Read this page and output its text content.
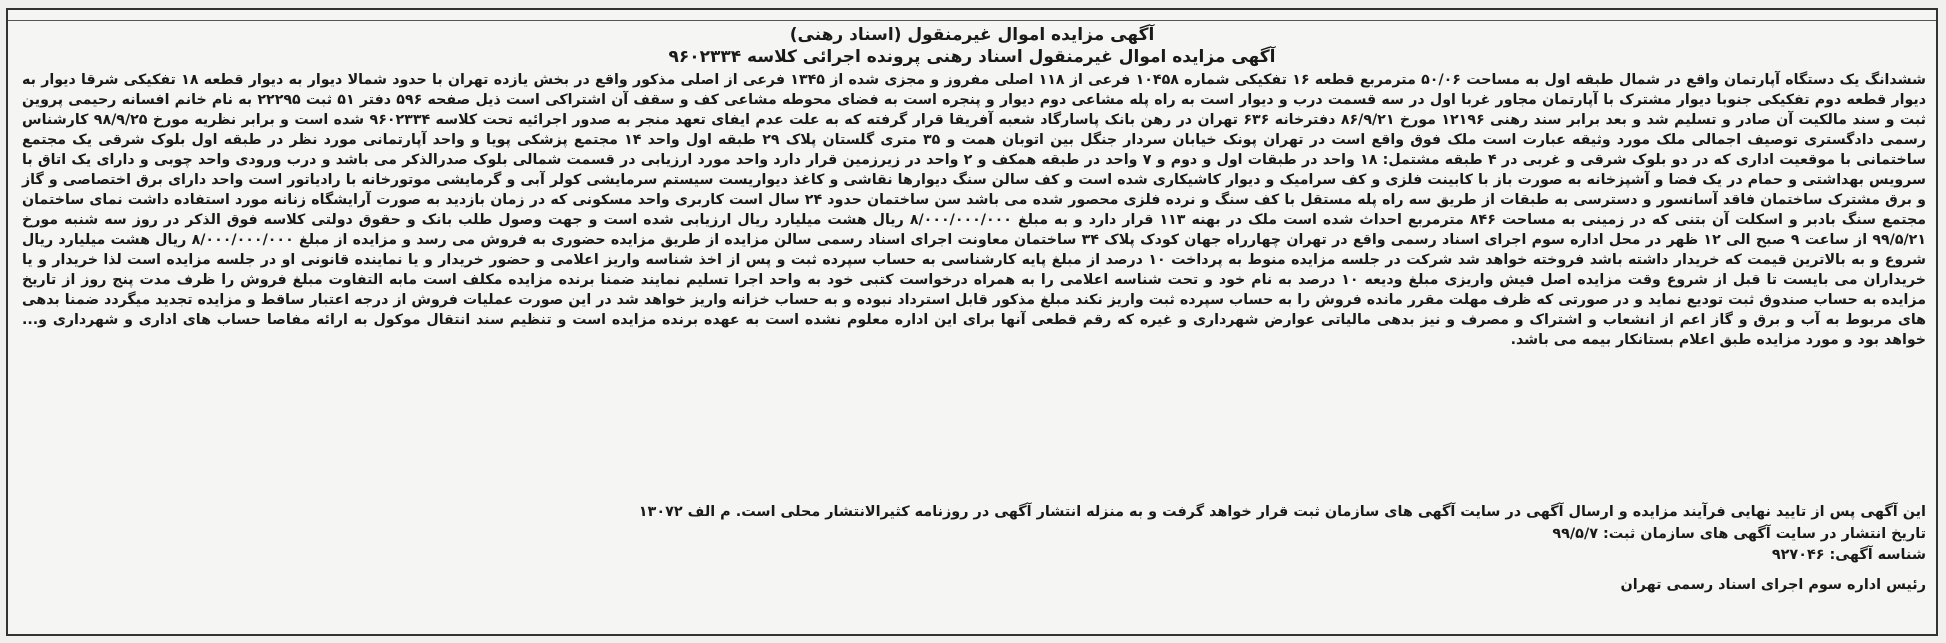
آگهی مزایده اموال غیرمنقول (اسناد رهنی)

آگهی مزایده اموال غیرمنقول اسناد رهنی پرونده اجرائی کلاسه ۹۶۰۲۳۳۴

ششدانگ یک دستگاه آپارتمان واقع در شمال طبقه اول به مساحت ۵۰/۰۶ مترمربع قطعه ۱۶ تفکیکی شماره ۱۰۴۵۸ فرعی از ۱۱۸ اصلی مفروز و مجزی شده از ۱۳۴۵ فرعی از اصلی مذکور واقع در بخش یازده تهران با حدود شمالا دیوار به دیوار قطعه ۱۸ تفکیکی شرقا دیوار به دیوار قطعه دوم تفکیکی جنوبا دیوار مشترک با آپارتمان مجاور غربا اول در سه قسمت درب و دیوار است به راه پله مشاعی دوم دیوار و پنجره است به فضای محوطه مشاعی کف و سقف آن اشتراکی است ذیل صفحه ۵۹۶ دفتر ۵۱ ثبت ۲۲۲۹۵ به نام خانم افسانه رحیمی پروین ثبت و سند مالکیت آن صادر و تسلیم شد و بعد برابر سند رهنی ۱۲۱۹۶ مورخ ۸۶/۹/۲۱ دفترخانه ۶۳۶ تهران در رهن بانک پاسارگاد شعبه آفریقا قرار گرفته که به علت عدم ایفای تعهد منجر به صدور اجرائیه تحت کلاسه ۹۶۰۲۳۳۴ شده است و برابر نظریه مورخ ۹۸/۹/۲۵ کارشناس رسمی دادگستری توصیف اجمالی ملک مورد وثیقه عبارت است ملک فوق واقع است در تهران پونک خیابان سردار جنگل بین اتوبان همت و ۳۵ متری گلستان پلاک ۲۹ طبقه اول واحد ۱۴ مجتمع پزشکی پویا و واحد آپارتمانی مورد نظر در طبقه اول بلوک شرقی یک مجتمع ساختمانی با موقعیت اداری که در دو بلوک شرقی و غربی در ۴ طبقه مشتمل: ۱۸ واحد در طبقات اول و دوم و ۷ واحد در طبقه همکف و ۲ واحد در زیرزمین قرار دارد واحد مورد ارزیابی در قسمت شمالی بلوک صدرالذکر می باشد و درب ورودی واحد چوبی و دارای یک اتاق با سرویس بهداشتی و حمام در یک فضا و آشپزخانه به صورت باز با کابینت فلزی و کف سرامیک و دیوار کاشیکاری شده است و کف سالن سنگ دیوارها نقاشی و کاغذ دیواریست سیستم سرمایشی کولر آبی و گرمایشی موتورخانه با رادیاتور است واحد دارای برق اختصاصی و گاز و برق مشترک ساختمان فاقد آسانسور و دسترسی به طبقات از طریق سه راه پله مستقل با کف سنگ و نرده فلزی محصور شده می باشد سن ساختمان حدود ۲۴ سال است کاربری واحد مسکونی که در زمان بازدید به صورت آرایشگاه زنانه مورد استفاده داشت نمای ساختمان مجتمع سنگ بادبر و اسکلت آن بتنی که در زمینی به مساحت ۸۴۶ مترمربع احداث شده است ملک در بهنه ۱۱۳ قرار دارد و به مبلغ ۸/۰۰۰/۰۰۰/۰۰۰ ریال هشت میلیارد ریال ارزیابی شده است و جهت وصول طلب بانک و حقوق دولتی کلاسه فوق الذکر در روز سه شنبه مورخ ۹۹/۵/۲۱ از ساعت ۹ صبح الی ۱۲ ظهر در محل اداره سوم اجرای اسناد رسمی واقع در تهران چهارراه جهان کودک پلاک ۳۴ ساختمان معاونت اجرای اسناد رسمی سالن مزایده از طریق مزایده حضوری به فروش می رسد و مزایده از مبلغ ۸/۰۰۰/۰۰۰/۰۰۰ ریال هشت میلیارد ریال شروع و به بالاترین قیمت که خریدار داشته باشد فروخته خواهد شد شرکت در جلسه مزایده منوط به پرداخت ۱۰ درصد از مبلغ پایه کارشناسی به حساب سپرده ثبت و پس از اخذ شناسه واریز اعلامی و حضور خریدار و یا نماینده قانونی او در جلسه مزایده است لذا خریدار و یا خریداران می بایست تا قبل از شروع وقت مزایده اصل فیش واریزی مبلغ ودیعه ۱۰ درصد به نام خود و تحت شناسه اعلامی را به همراه درخواست کتبی خود به واحد اجرا تسلیم نمایند ضمنا برنده مزایده مکلف است مابه التفاوت مبلغ فروش را ظرف مدت پنج روز از تاریخ مزایده به حساب صندوق ثبت تودیع نماید و در صورتی که ظرف مهلت مقرر مانده فروش را به حساب سپرده ثبت واریز نکند مبلغ مذکور قابل استرداد نبوده و به حساب خزانه واریز خواهد شد در این صورت عملیات فروش از درجه اعتبار ساقط و مزایده تجدید میگردد ضمنا بدهی های مربوط به آب و برق و گاز اعم از انشعاب و اشتراک و مصرف و نیز بدهی مالیاتی عوارض شهرداری و غیره که رقم قطعی آنها برای این اداره معلوم نشده است به عهده برنده مزایده است و تنظیم سند انتقال موکول به ارائه مفاصا حساب های اداری و شهرداری و... خواهد بود و مورد مزایده طبق اعلام بستانکار بیمه می باشد.

این آگهی پس از تایید نهایی فرآیند مزایده و ارسال آگهی در سایت آگهی های سازمان ثبت قرار خواهد گرفت و به منزله انتشار آگهی در روزنامه کثیرالانتشار محلی است. م الف ۱۳۰۷۲

تاریخ انتشار در سایت آگهی های سازمان ثبت: ۹۹/۵/۷

شناسه آگهی: ۹۲۷۰۴۶

رئیس اداره سوم اجرای اسناد رسمی تهران
